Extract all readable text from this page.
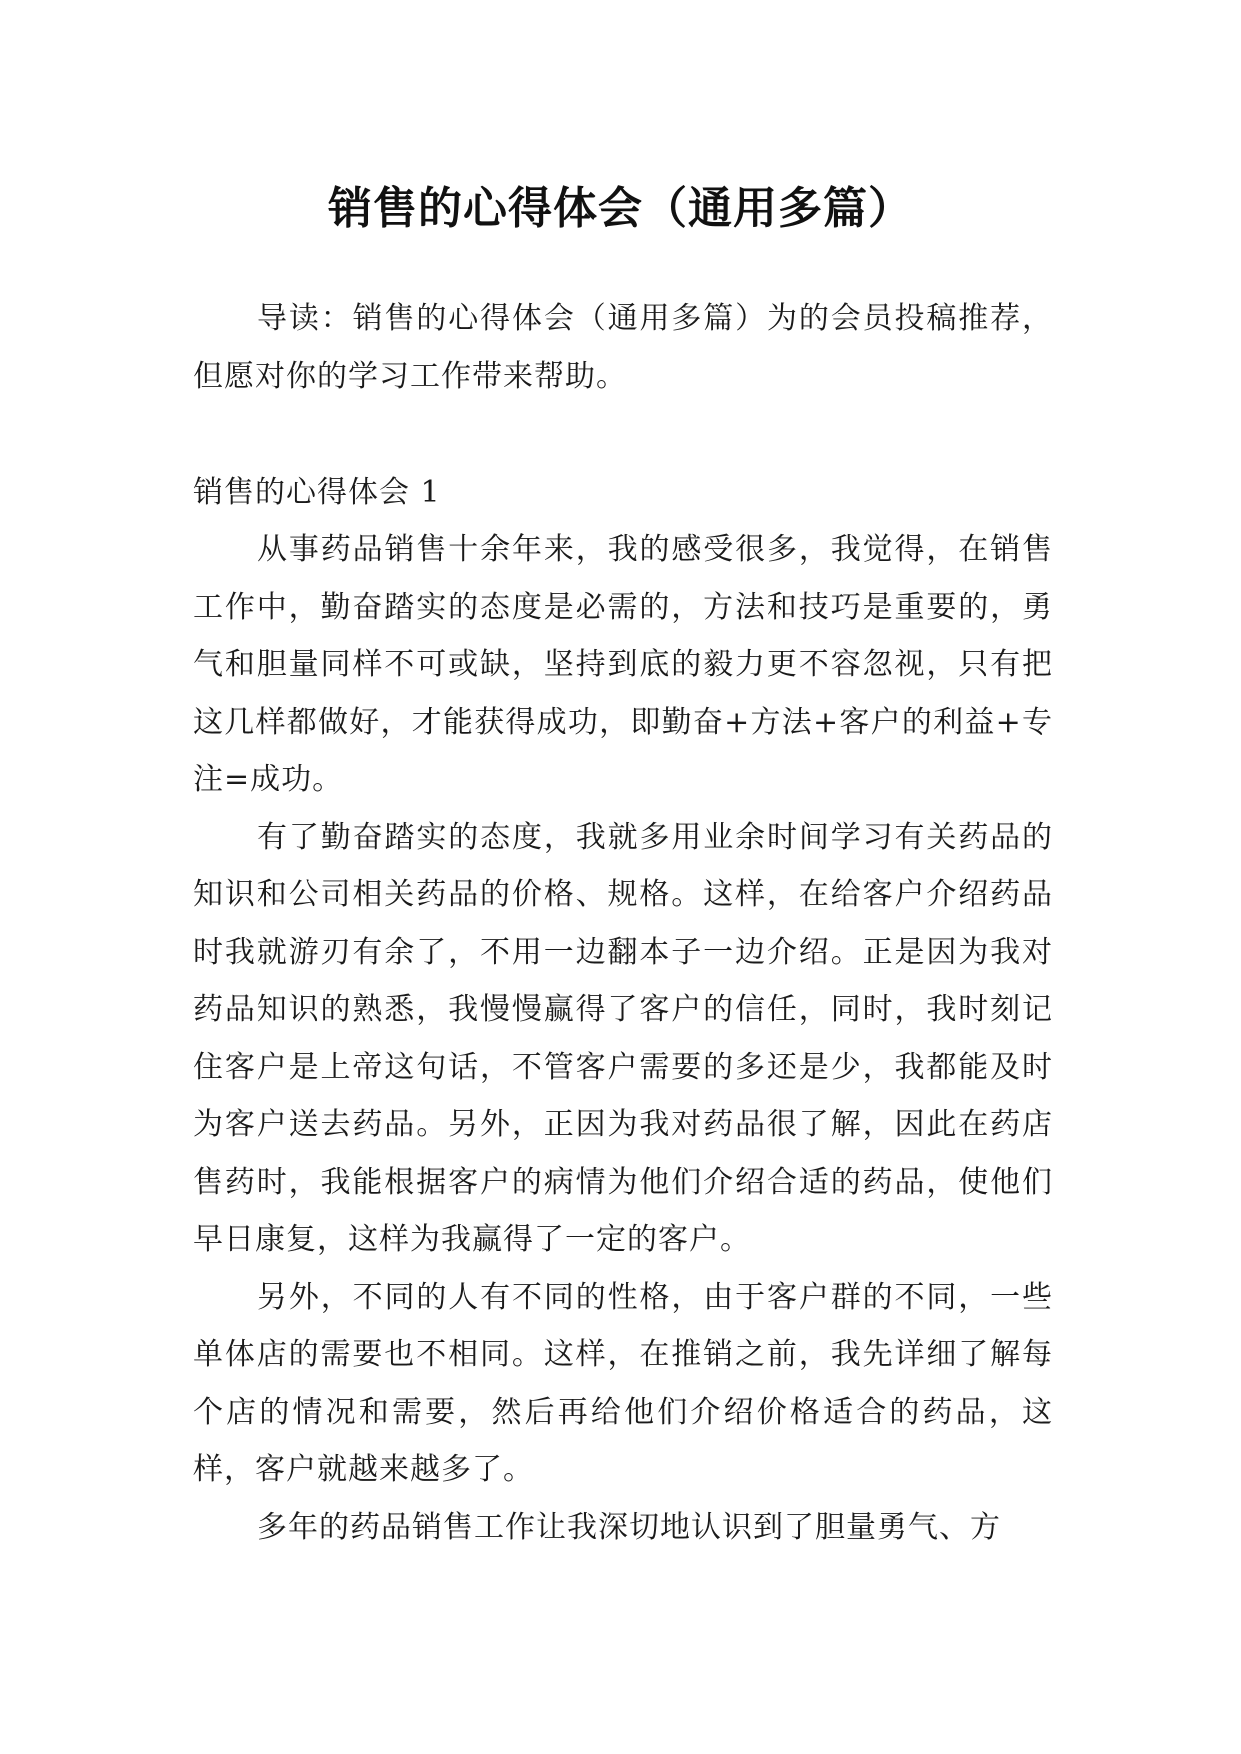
销售的心得体会（通用多篇）

导读：销售的心得体会（通用多篇）为的会员投稿推荐，但愿对你的学习工作带来帮助。

销售的心得体会 1

从事药品销售十余年来，我的感受很多，我觉得，在销售工作中，勤奋踏实的态度是必需的，方法和技巧是重要的，勇气和胆量同样不可或缺，坚持到底的毅力更不容忽视，只有把这几样都做好，才能获得成功，即勤奋+方法+客户的利益+专注=成功。

有了勤奋踏实的态度，我就多用业余时间学习有关药品的知识和公司相关药品的价格、规格。这样，在给客户介绍药品时我就游刃有余了，不用一边翻本子一边介绍。正是因为我对药品知识的熟悉，我慢慢赢得了客户的信任，同时，我时刻记住客户是上帝这句话，不管客户需要的多还是少，我都能及时为客户送去药品。另外，正因为我对药品很了解，因此在药店售药时，我能根据客户的病情为他们介绍合适的药品，使他们早日康复，这样为我赢得了一定的客户。

另外，不同的人有不同的性格，由于客户群的不同，一些单体店的需要也不相同。这样，在推销之前，我先详细了解每个店的情况和需要，然后再给他们介绍价格适合的药品，这样，客户就越来越多了。

多年的药品销售工作让我深切地认识到了胆量勇气、方
